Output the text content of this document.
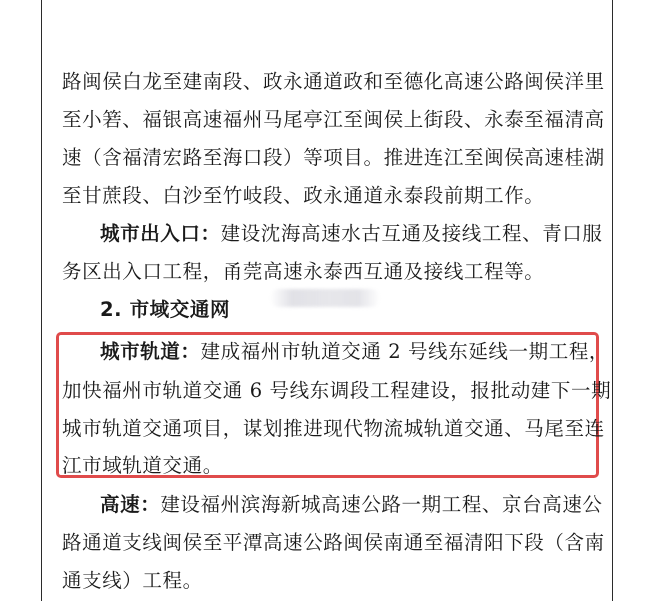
路闽侯白龙至建南段、政永通道政和至德化高速公路闽侯洋里
至小箬、福银高速福州马尾亭江至闽侯上街段、永泰至福清高
速（含福清宏路至海口段）等项目。推进连江至闽侯高速桂湖
至甘蔗段、白沙至竹岐段、政永通道永泰段前期工作。
城市出入口：建设沈海高速水古互通及接线工程、青口服
务区出入口工程，甬莞高速永泰西互通及接线工程等。
2. 市域交通网
城市轨道：建成福州市轨道交通 2 号线东延线一期工程，
加快福州市轨道交通 6 号线东调段工程建设，报批动建下一期
城市轨道交通项目，谋划推进现代物流城轨道交通、马尾至连
江市域轨道交通。
高速：建设福州滨海新城高速公路一期工程、京台高速公
路通道支线闽侯至平潭高速公路闽侯南通至福清阳下段（含南
通支线）工程。
